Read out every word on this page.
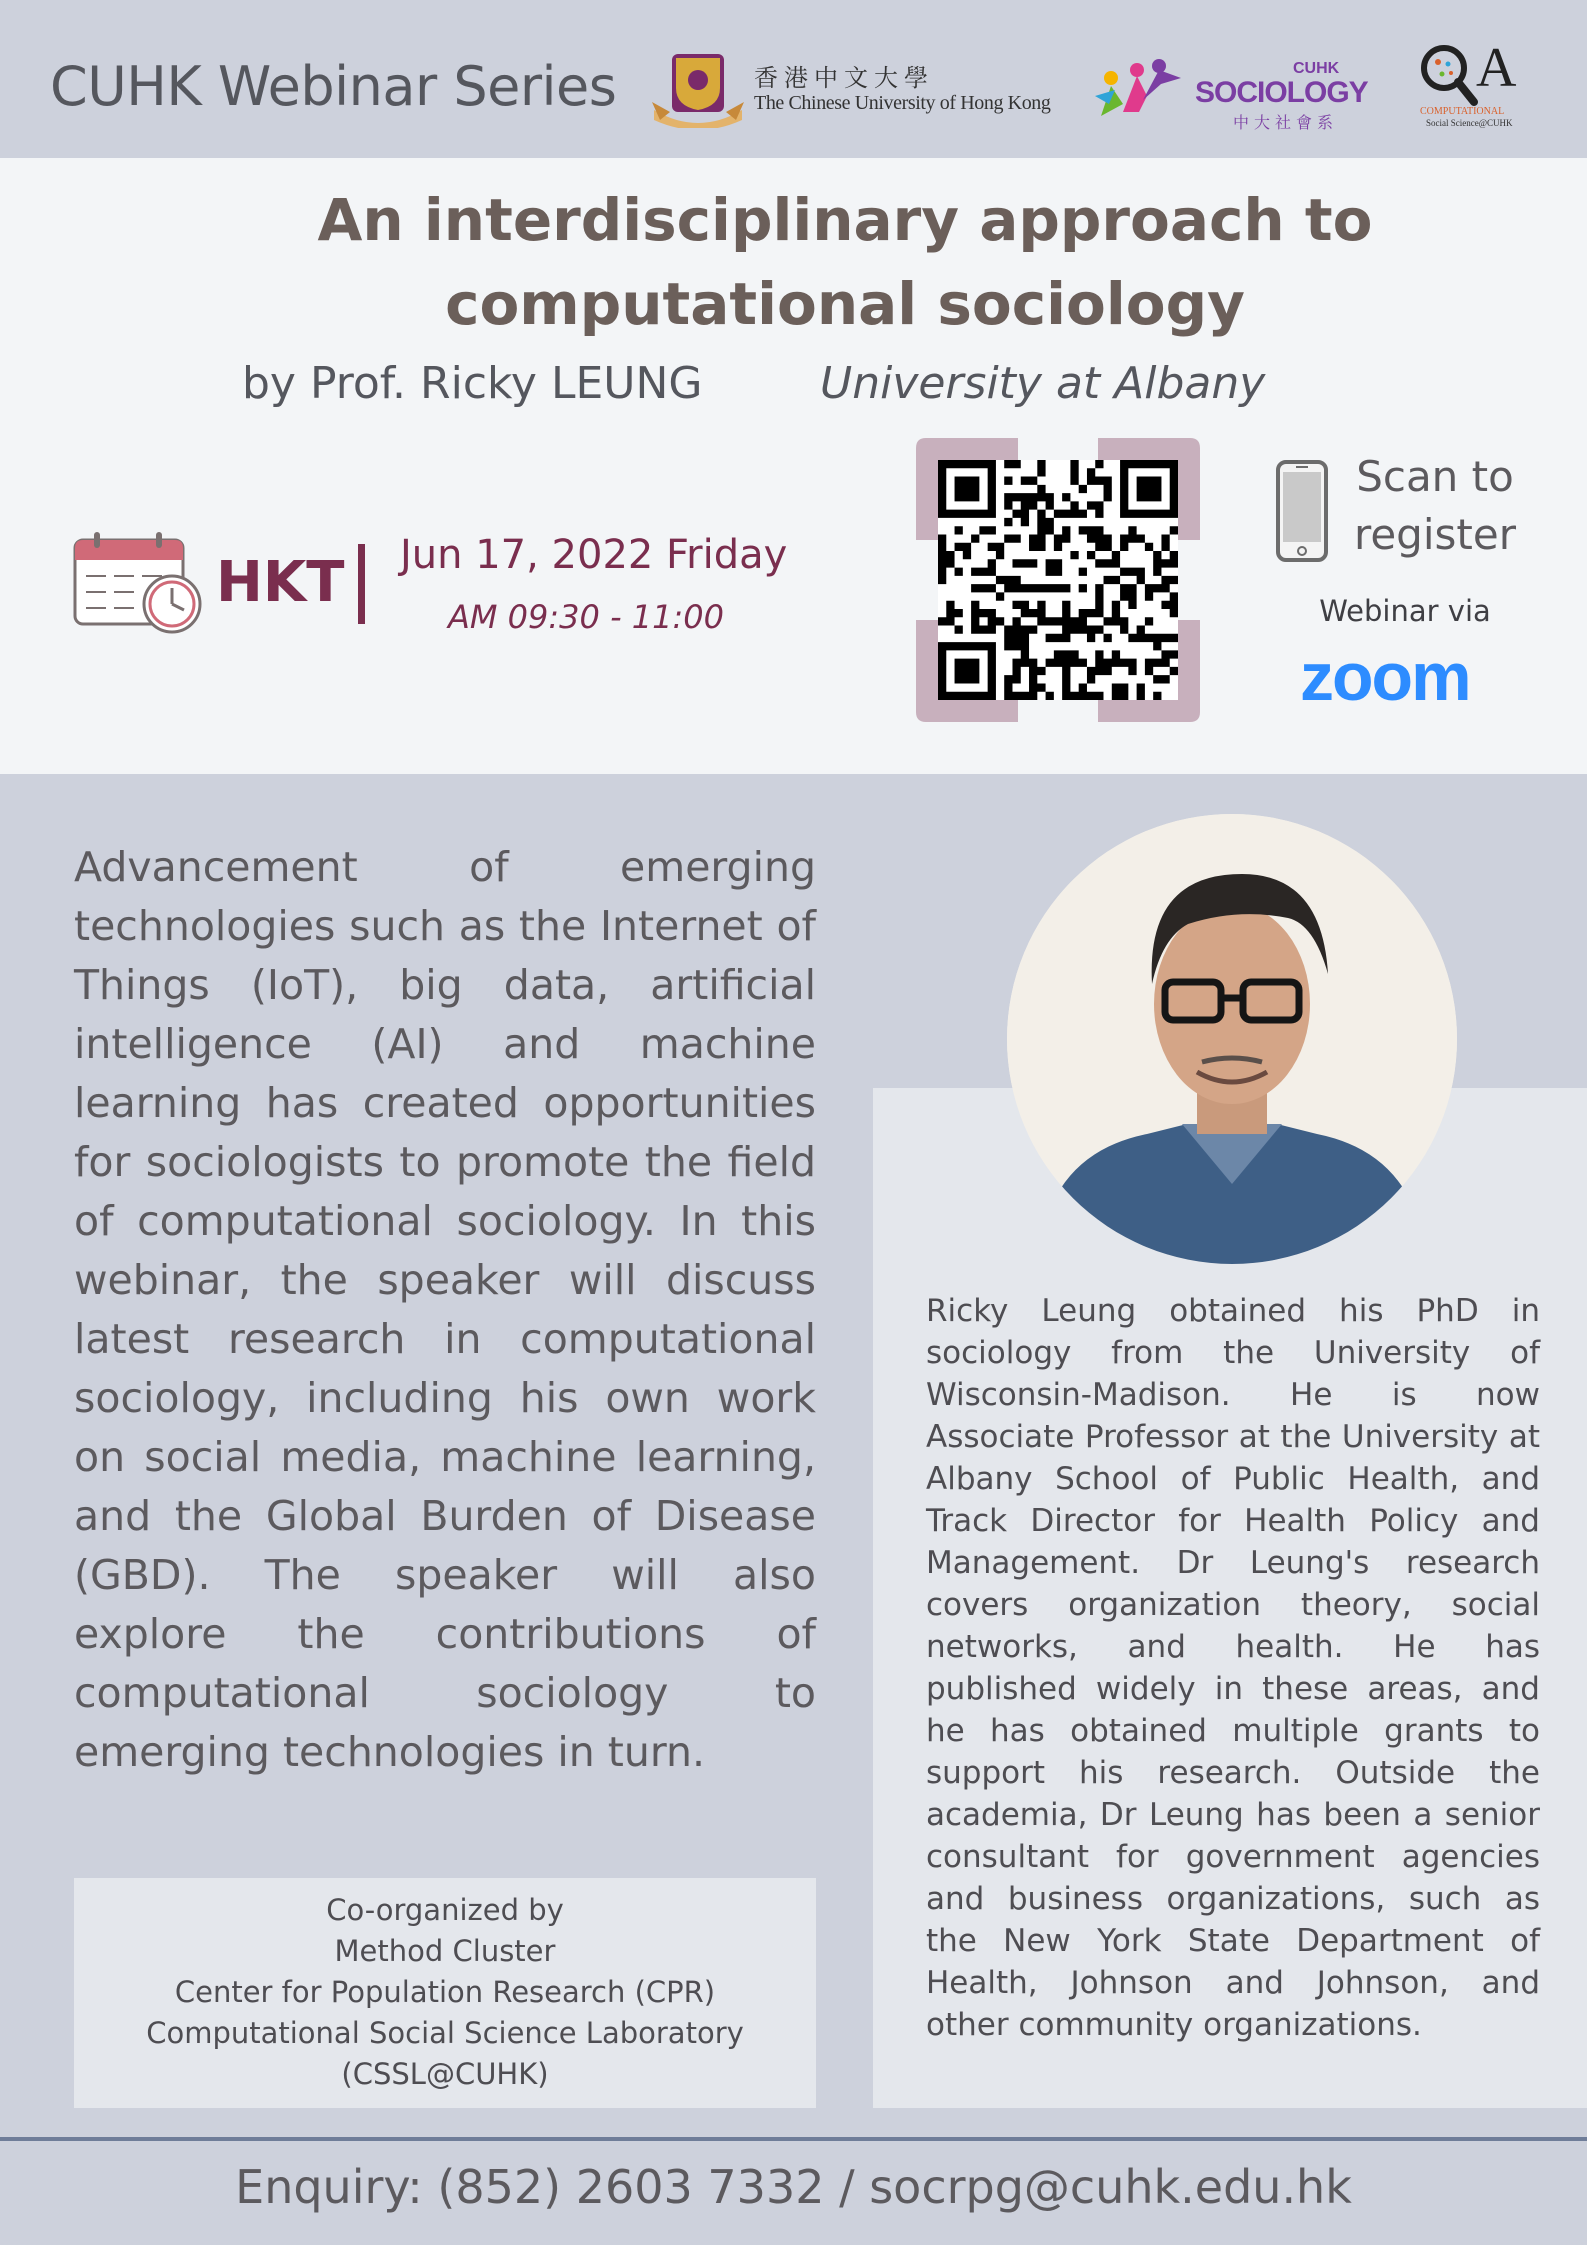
CUHK Webinar Series	香港中文大學
The Chinese University of Hong Kong
CUHK
SOCIOLOGY
中大社會系
A
COMPUTATIONAL
Social Science@CUHK
An interdisciplinary approach to
computational sociology
by Prof. Ricky LEUNG	University at Albany
HKT Jun 17, 2022 Friday
AM 09:30 - 11:00
Scan to
register
Webinar via
zoom
Advancement of emerging technologies such as the Internet of Things (IoT), big data, artificial intelligence (AI) and machine learning has created opportunities for sociologists to promote the field of computational sociology. In this webinar, the speaker will discuss latest research in computational sociology, including his own work on social media, machine learning, and the Global Burden of Disease (GBD). The speaker will also explore the contributions of computational sociology to emerging technologies in turn.
Co-organized by
Method Cluster
Center for Population Research (CPR)
Computational Social Science Laboratory
(CSSL@CUHK)
Ricky Leung obtained his PhD in sociology from the University of Wisconsin-Madison. He is now Associate Professor at the University at Albany School of Public Health, and Track Director for Health Policy and Management. Dr Leung's research covers organization theory, social networks, and health. He has published widely in these areas, and he has obtained multiple grants to support his research. Outside the academia, Dr Leung has been a senior consultant for government agencies and business organizations, such as the New York State Department of Health, Johnson and Johnson, and other community organizations.
Enquiry: (852) 2603 7332 / socrpg@cuhk.edu.hk
